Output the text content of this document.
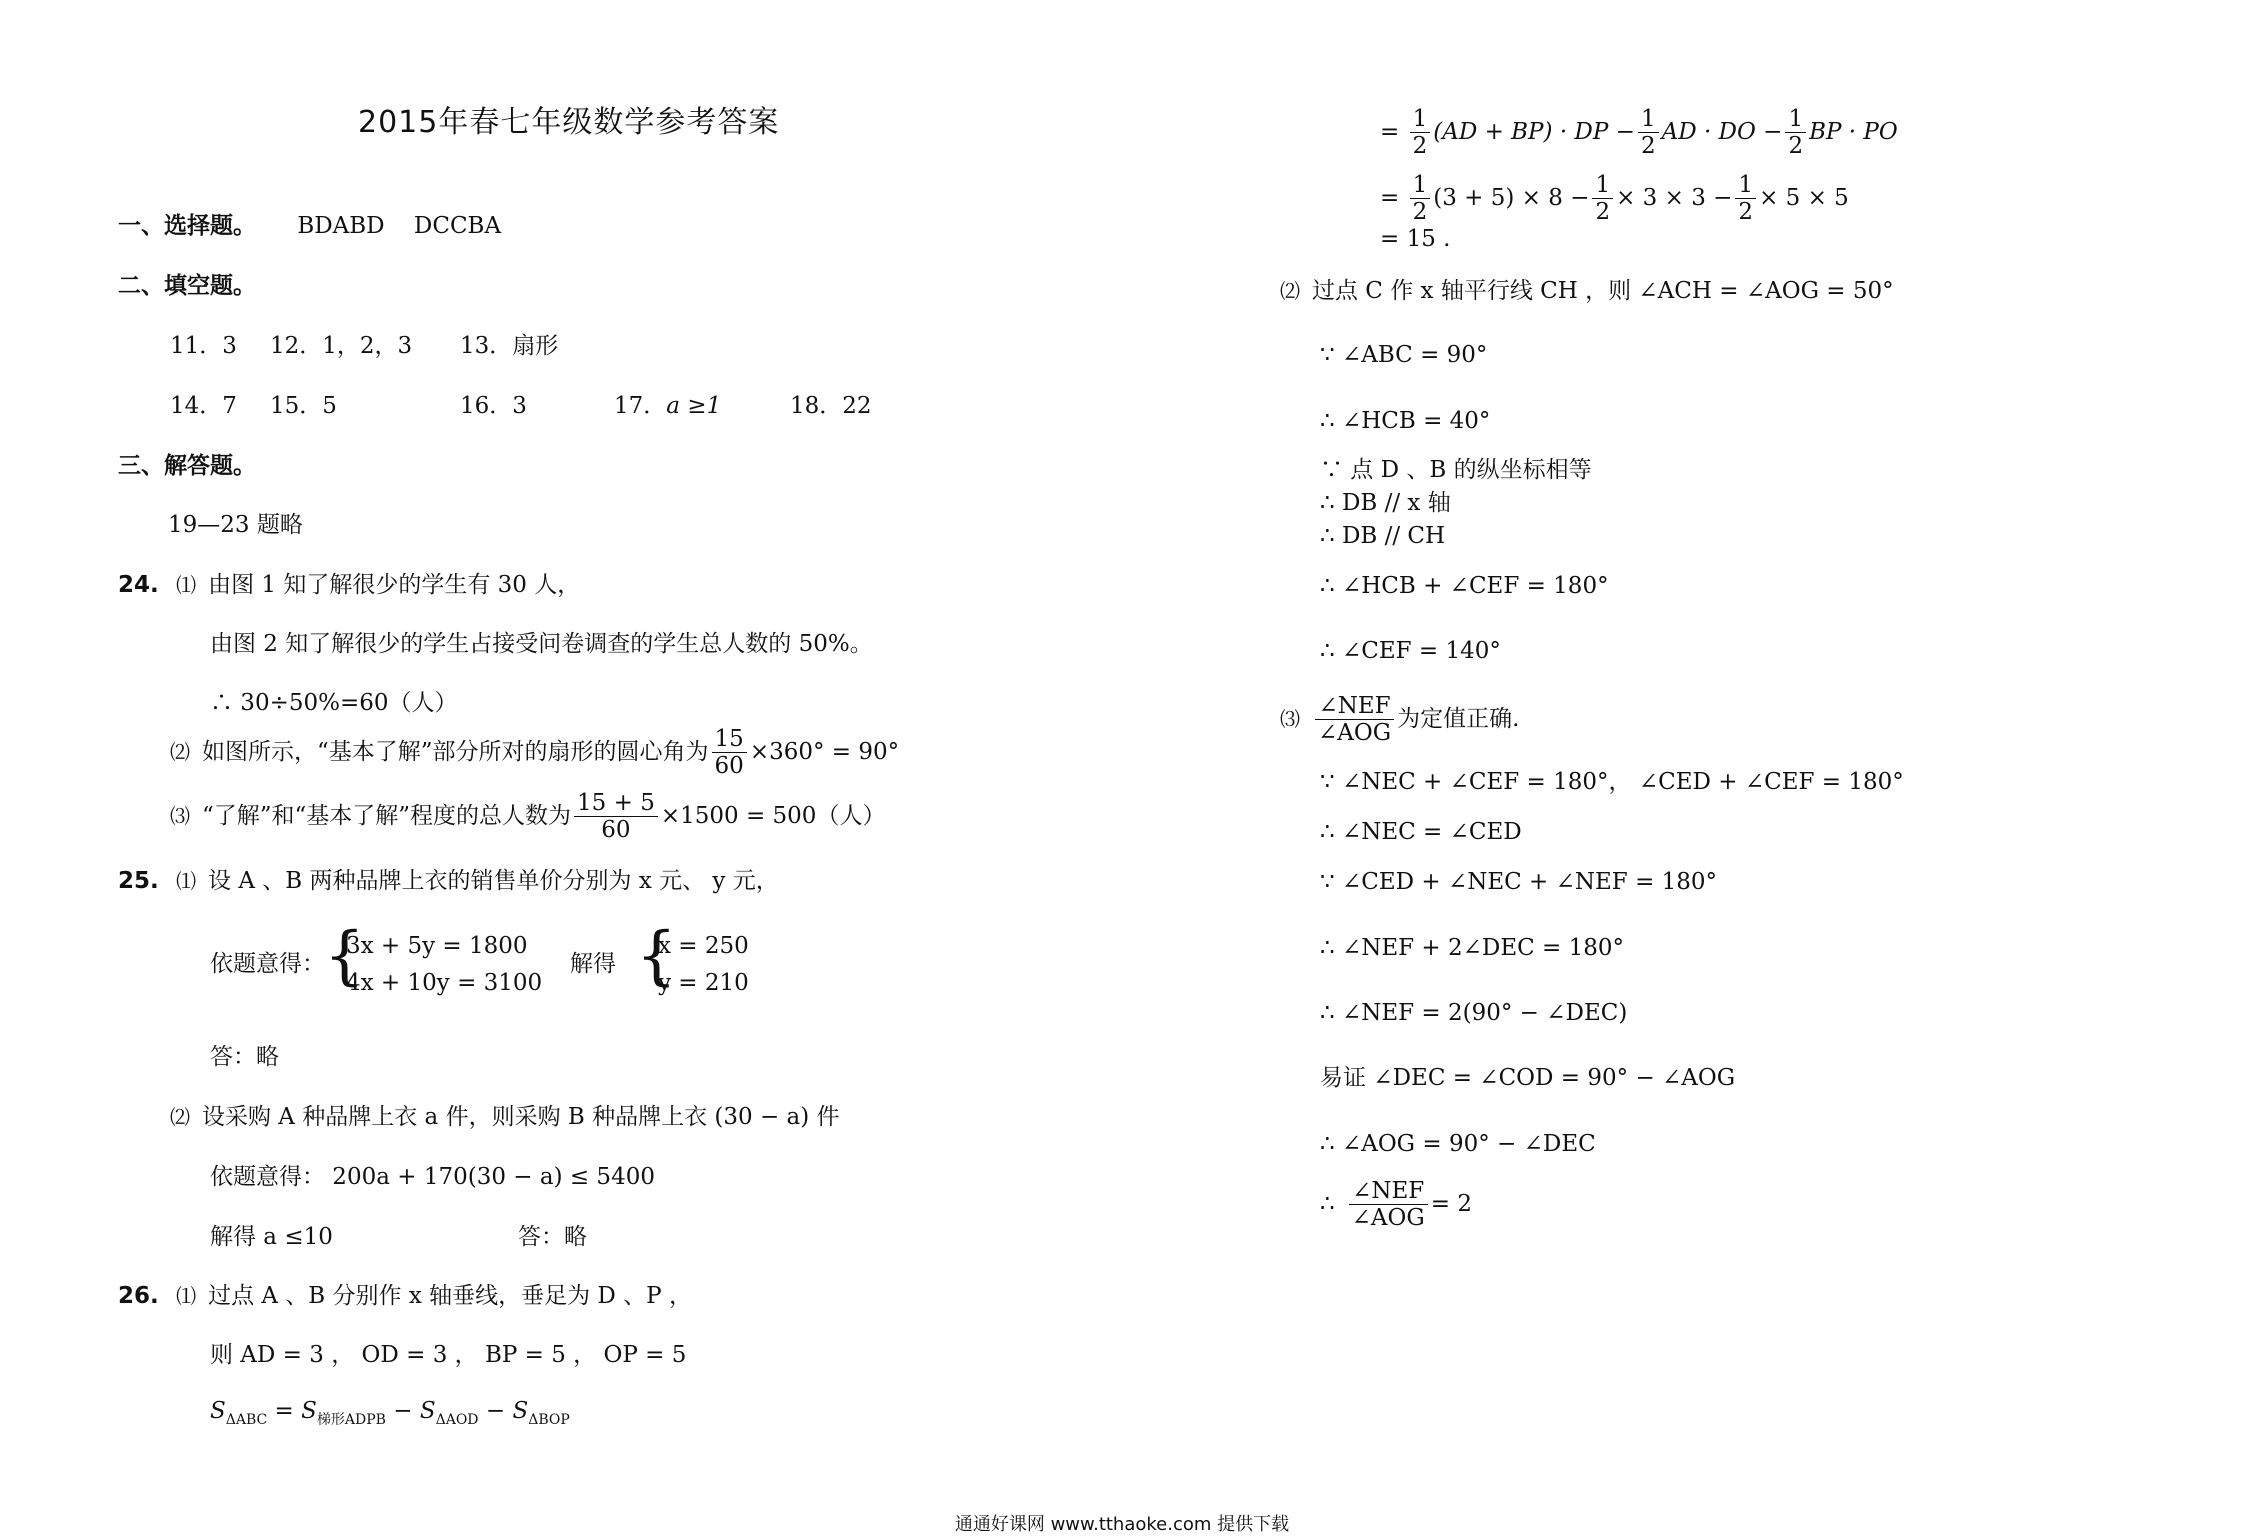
2015年春七年级数学参考答案
一、选择题。 BDABD DCCBA
二、填空题。
11．3 12．1，2，3 13．扇形
14．7 15．5	16．3	17．a ≥1	18．22
三、解答题。
19—23 题略
24. ⑴ 由图 1 知了解很少的学生有 30 人，
由图 2 知了解很少的学生占接受问卷调查的学生总人数的 50%。
∴ 30÷50%=60（人）
⑵ 如图所示，“基本了解”部分所对的扇形的圆心角为 $\frac{15}{60} \times 360^\circ = 90^\circ$
⑶ “了解”和“基本了解”程度的总人数为 $\frac{15 + 5}{60} \times 1500 = 500$（人）
25. ⑴ 设 A 、B 两种品牌上衣的销售单价分别为 x 元、 y 元，
依题意得： {
3x + 5y = 1800
4x + 10y = 3100
解得 {
x = 250
y = 210
答：略
⑵ 设采购 A 种品牌上衣 a 件，则采购 B 种品牌上衣 (30 − a) 件
依题意得： 200a + 170(30 − a) ≤ 5400
解得 a ≤10	答：略
26. ⑴ 过点 A 、B 分别作 x 轴垂线，垂足为 D 、P ，
则 AD = 3 ， OD = 3 ， BP = 5 ， OP = 5
$S_{\Delta ABC} = S_{梯形ADPB} - S_{\Delta AOD} - S_{\Delta BOP}$
= $\frac{1}{2} (AD + BP)$ · DP − $\frac{1}{2}$ AD · DO − $\frac{1}{2}$ BP · PO
= $\frac{1}{2} (3 + 5) \times 8 - \frac{1}{2} \times 3 \times 3 - \frac{1}{2} \times 5 \times 5$
= 15 .
⑵ 过点 C 作 x 轴平行线 CH ，则 ∠ACH = ∠AOG = 50°
∵ ∠ABC = 90°
∴ ∠HCB = 40°
∵ 点 D 、B 的纵坐标相等
∴ DB // x 轴
∴ DB // CH
∴ ∠HCB + ∠CEF = 180°
∴ ∠CEF = 140°
⑶ $\frac{\text{∠NEF}}{\text{∠AOG}}$ 为定值正确.
∵ ∠NEC + ∠CEF = 180°， ∠CED + ∠CEF = 180°
∴ ∠NEC = ∠CED
∵ ∠CED + ∠NEC + ∠NEF = 180°
∴ ∠NEF + 2∠DEC = 180°
∴ ∠NEF = 2(90° − ∠DEC)
易证 ∠DEC = ∠COD = 90° − ∠AOG
∴ ∠AOG = 90° − ∠DEC
∴ $\frac{\text{∠NEF}}{\text{∠AOG}} = 2$
通通好课网 www.tthaoke.com 提供下载
